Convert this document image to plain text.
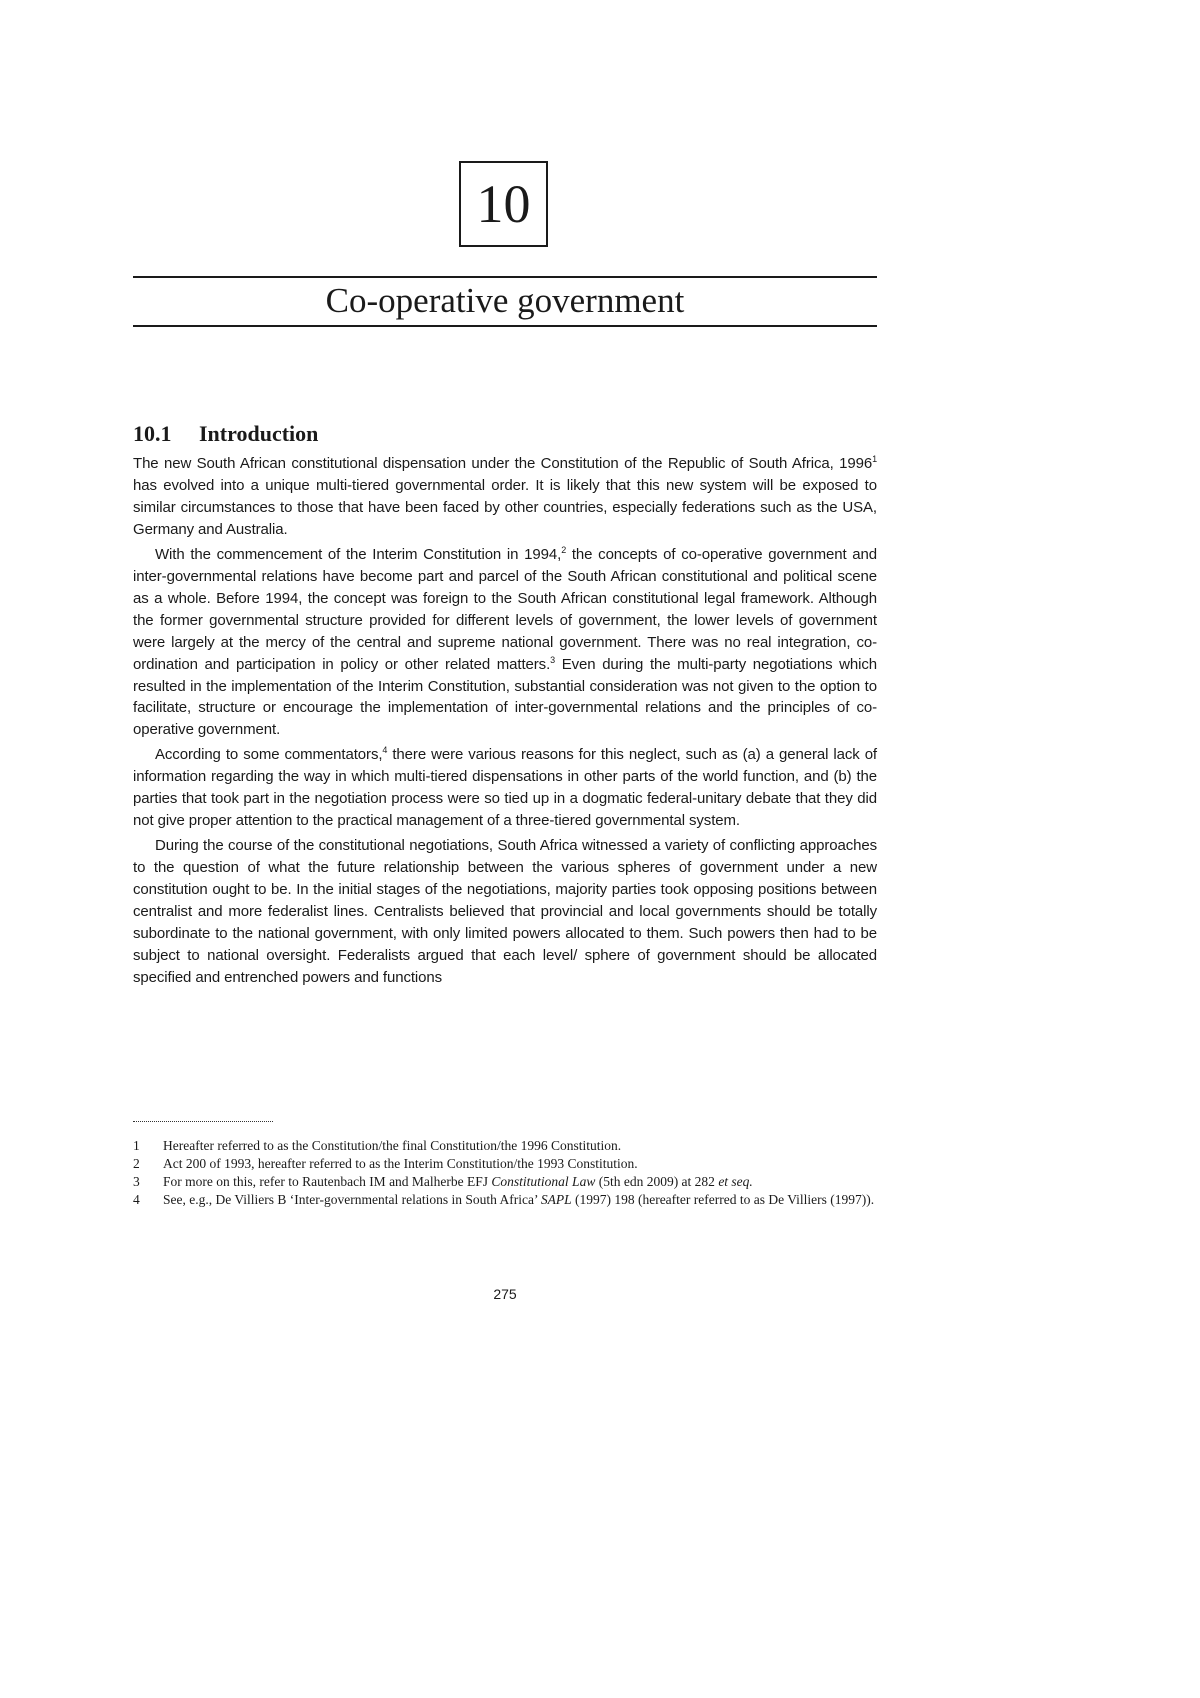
10
Co-operative government
10.1 Introduction

The new South African constitutional dispensation under the Constitution of the Republic of South Africa, 1996$^1$ has evolved into a unique multi-tiered governmental order. It is likely that this new system will be exposed to similar circumstances to those that have been faced by other countries, especially federations such as the USA, Germany and Australia.

With the commencement of the Interim Constitution in 1994,$^2$ the concepts of co-operative government and inter-governmental relations have become part and parcel of the South African constitutional and political scene as a whole. Before 1994, the concept was foreign to the South African constitutional legal framework. Although the former governmental structure provided for different levels of government, the lower levels of government were largely at the mercy of the central and supreme national government. There was no real integration, co-ordination and participation in policy or other related matters.$^3$ Even during the multi-party negotiations which resulted in the implementation of the Interim Constitution, substantial consideration was not given to the option to facilitate, structure or encourage the implementation of inter-governmental relations and the principles of co-operative government.

According to some commentators,$^4$ there were various reasons for this neglect, such as (a) a general lack of information regarding the way in which multi-tiered dispensations in other parts of the world function, and (b) the parties that took part in the negotiation process were so tied up in a dogmatic federal-unitary debate that they did not give proper attention to the practical management of a three-tiered governmental system.

During the course of the constitutional negotiations, South Africa witnessed a variety of conflicting approaches to the question of what the future relationship between the various spheres of government under a new constitution ought to be. In the initial stages of the negotiations, majority parties took opposing positions between centralist and more federalist lines. Centralists believed that provincial and local governments should be totally subordinate to the national government, with only limited powers allocated to them. Such powers then had to be subject to national oversight. Federalists argued that each level/ sphere of government should be allocated specified and entrenched powers and functions

1	Hereafter referred to as the Constitution/the final Constitution/the 1996 Constitution.
2	Act 200 of 1993, hereafter referred to as the Interim Constitution/the 1993 Constitution.
3	For more on this, refer to Rautenbach IM and Malherbe EFJ Constitutional Law (5th edn 2009) at 282 et seq.
4	See, e.g., De Villiers B ‘Inter-governmental relations in South Africa’ SAPL (1997) 198 (hereafter referred to as De Villiers (1997)).
275
